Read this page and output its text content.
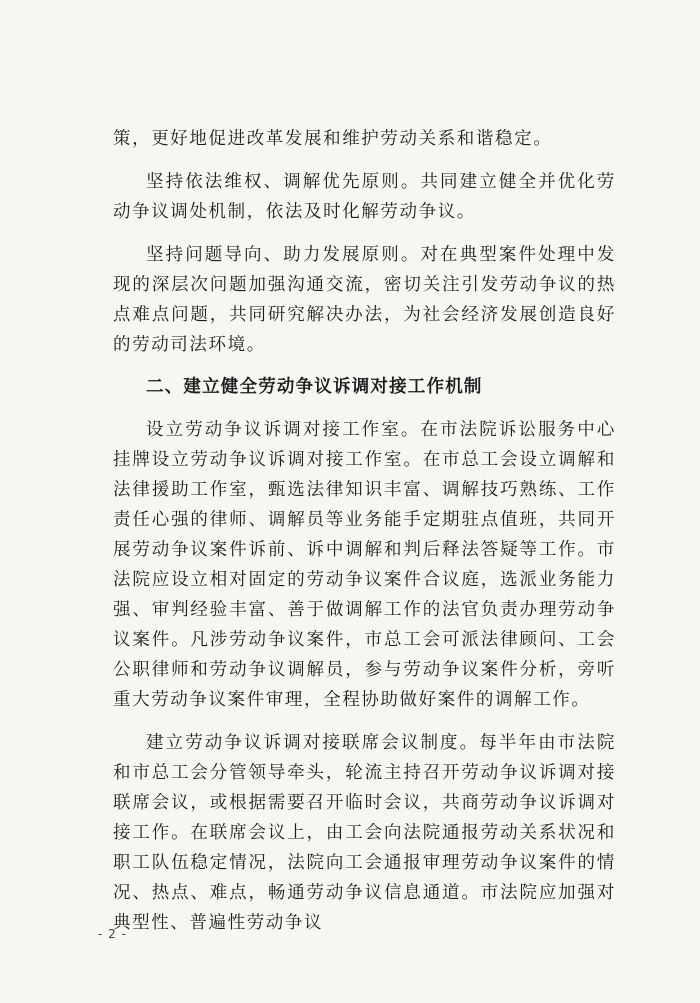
策，更好地促进改革发展和维护劳动关系和谐稳定。

坚持依法维权、调解优先原则。共同建立健全并优化劳动争议调处机制，依法及时化解劳动争议。

坚持问题导向、助力发展原则。对在典型案件处理中发现的深层次问题加强沟通交流，密切关注引发劳动争议的热点难点问题，共同研究解决办法，为社会经济发展创造良好的劳动司法环境。

二、建立健全劳动争议诉调对接工作机制

设立劳动争议诉调对接工作室。在市法院诉讼服务中心挂牌设立劳动争议诉调对接工作室。在市总工会设立调解和法律援助工作室，甄选法律知识丰富、调解技巧熟练、工作责任心强的律师、调解员等业务能手定期驻点值班，共同开展劳动争议案件诉前、诉中调解和判后释法答疑等工作。市法院应设立相对固定的劳动争议案件合议庭，选派业务能力强、审判经验丰富、善于做调解工作的法官负责办理劳动争议案件。凡涉劳动争议案件，市总工会可派法律顾问、工会公职律师和劳动争议调解员，参与劳动争议案件分析，旁听重大劳动争议案件审理，全程协助做好案件的调解工作。

建立劳动争议诉调对接联席会议制度。每半年由市法院和市总工会分管领导牵头，轮流主持召开劳动争议诉调对接联席会议，或根据需要召开临时会议，共商劳动争议诉调对接工作。在联席会议上，由工会向法院通报劳动关系状况和职工队伍稳定情况，法院向工会通报审理劳动争议案件的情况、热点、难点，畅通劳动争议信息通道。市法院应加强对典型性、普遍性劳动争议

- 2 -
